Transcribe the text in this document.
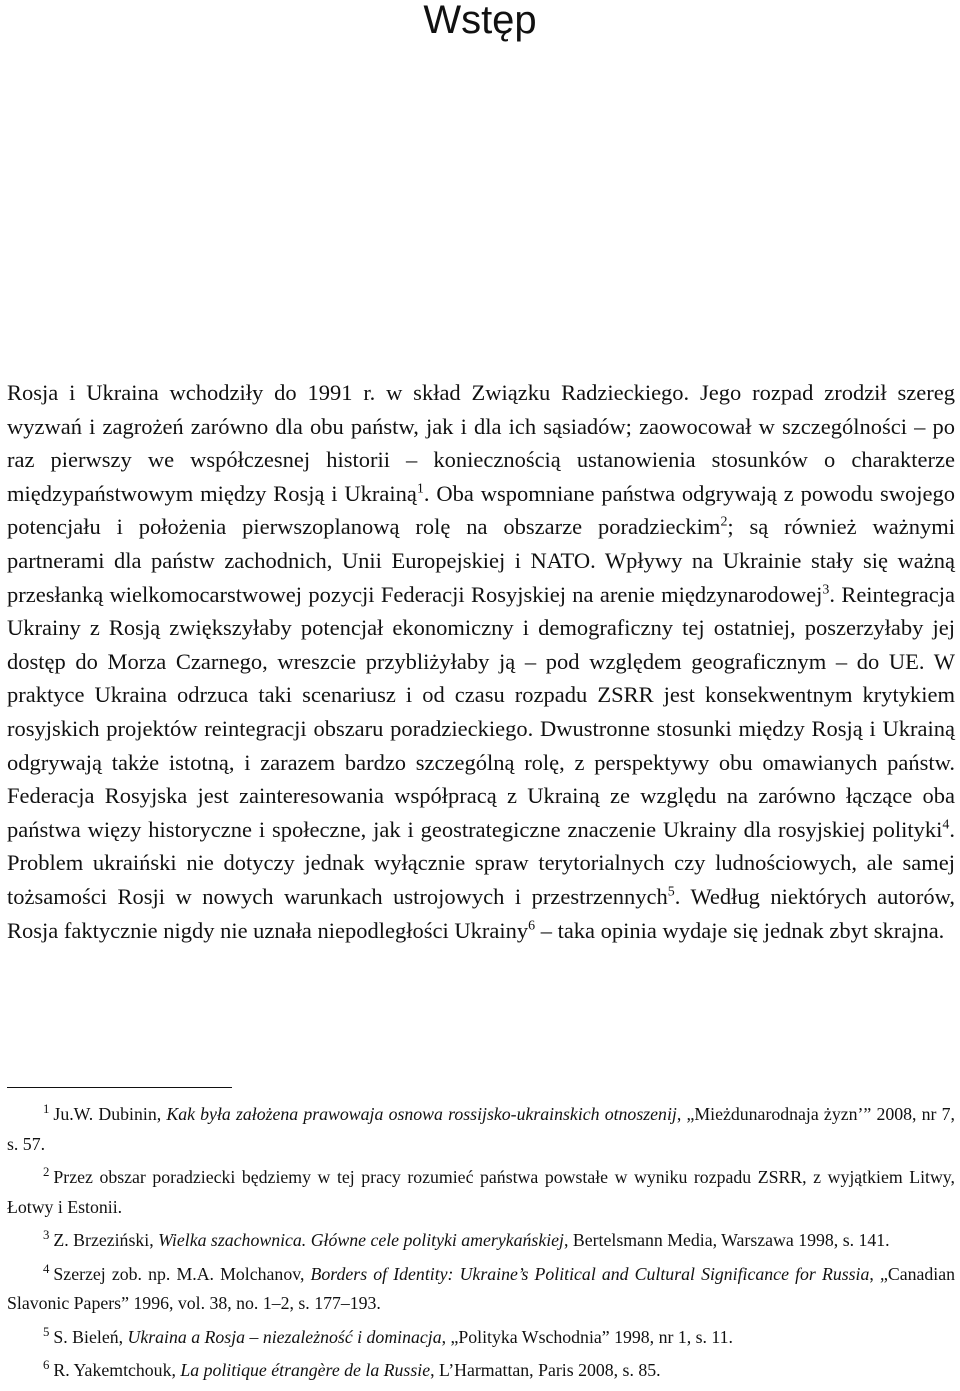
Wstęp

Rosja i Ukraina wchodziły do 1991 r. w skład Związku Radzieckiego. Jego rozpad zrodził szereg wyzwań i zagrożeń zarówno dla obu państw, jak i dla ich sąsiadów; zaowocował w szczególności – po raz pierwszy we współczesnej historii – koniecznością ustanowienia stosunków o charakterze międzypaństwowym między Rosją i Ukrainą$^1$. Oba wspomniane państwa odgrywają z powodu swojego potencjału i położenia pierwszoplanową rolę na obszarze poradzieckim$^2$; są również ważnymi partnerami dla państw zachodnich, Unii Europejskiej i NATO. Wpływy na Ukrainie stały się ważną przesłanką wielkomocarstwowej pozycji Federacji Rosyjskiej na arenie międzynarodowej$^3$. Reintegracja Ukrainy z Rosją zwiększyłaby potencjał ekonomiczny i demograficzny tej ostatniej, poszerzyłaby jej dostęp do Morza Czarnego, wreszcie przybliżyłaby ją – pod względem geograficznym – do UE. W praktyce Ukraina odrzuca taki scenariusz i od czasu rozpadu ZSRR jest konsekwentnym krytykiem rosyjskich projektów reintegracji obszaru poradzieckiego. Dwustronne stosunki między Rosją i Ukrainą odgrywają także istotną, i zarazem bardzo szczególną rolę, z perspektywy obu omawianych państw. Federacja Rosyjska jest zainteresowania współpracą z Ukrainą ze względu na zarówno łączące oba państwa więzy historyczne i społeczne, jak i geostrategiczne znaczenie Ukrainy dla rosyjskiej polityki$^4$. Problem ukraiński nie dotyczy jednak wyłącznie spraw terytorialnych czy ludnościowych, ale samej tożsamości Rosji w nowych warunkach ustrojowych i przestrzennych$^5$. Według niektórych autorów, Rosja faktycznie nigdy nie uznała niepodległości Ukrainy$^6$ – taka opinia wydaje się jednak zbyt skrajna.

$^1$ Ju.W. Dubinin, Kak była założena prawowaja osnowa rossijsko-ukrainskich otnoszenij, „Mieżdunarodnaja żyzn’” 2008, nr 7, s. 57.

$^2$ Przez obszar poradziecki będziemy w tej pracy rozumieć państwa powstałe w wyniku rozpadu ZSRR, z wyjątkiem Litwy, Łotwy i Estonii.

$^3$ Z. Brzeziński, Wielka szachownica. Główne cele polityki amerykańskiej, Bertelsmann Media, Warszawa 1998, s. 141.

$^4$ Szerzej zob. np. M.A. Molchanov, Borders of Identity: Ukraine’s Political and Cultural Significance for Russia, „Canadian Slavonic Papers” 1996, vol. 38, no. 1–2, s. 177–193.

$^5$ S. Bieleń, Ukraina a Rosja – niezależność i dominacja, „Polityka Wschodnia” 1998, nr 1, s. 11.

$^6$ R. Yakemtchouk, La politique étrangère de la Russie, L’Harmattan, Paris 2008, s. 85.
